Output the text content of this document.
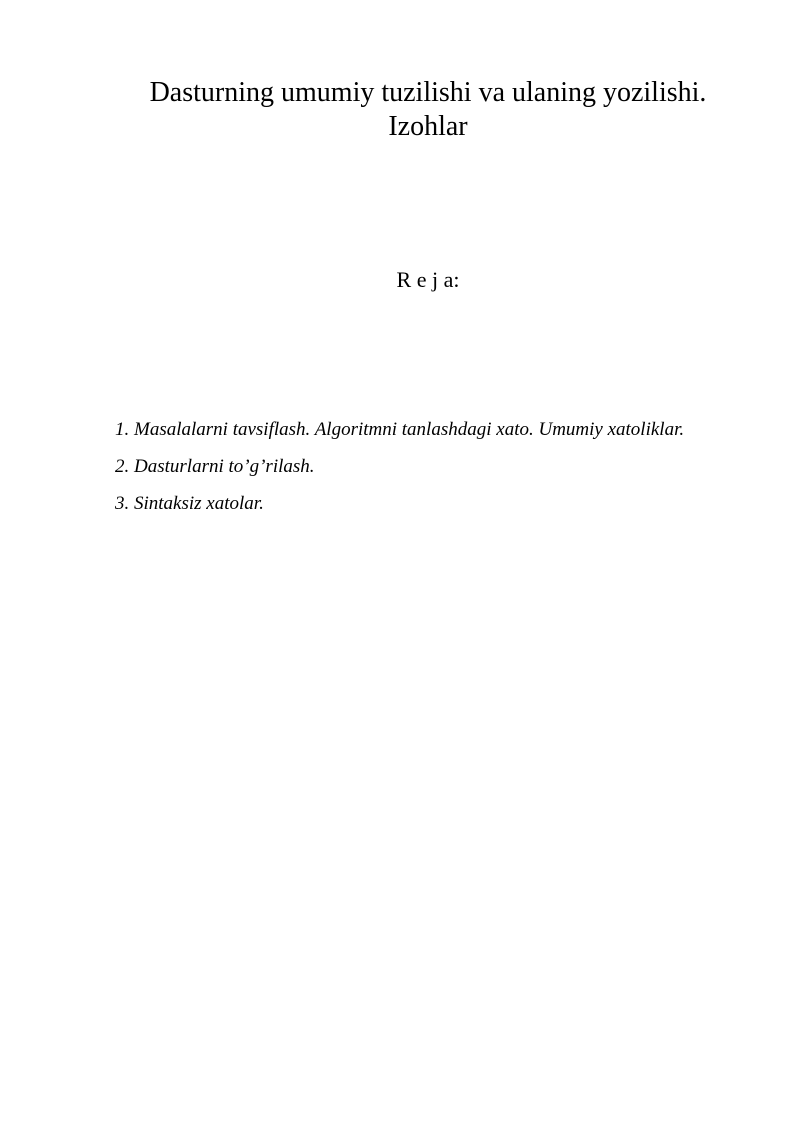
Dasturning umumiy tuzilishi va ulaning yozilishi.
Izohlar
R e j a:
1. Masalalarni tavsiflash. Algoritmni tanlashdagi xato. Umumiy xatoliklar.
2. Dasturlarni to’g’rilash.
3. Sintaksiz xatolar.
